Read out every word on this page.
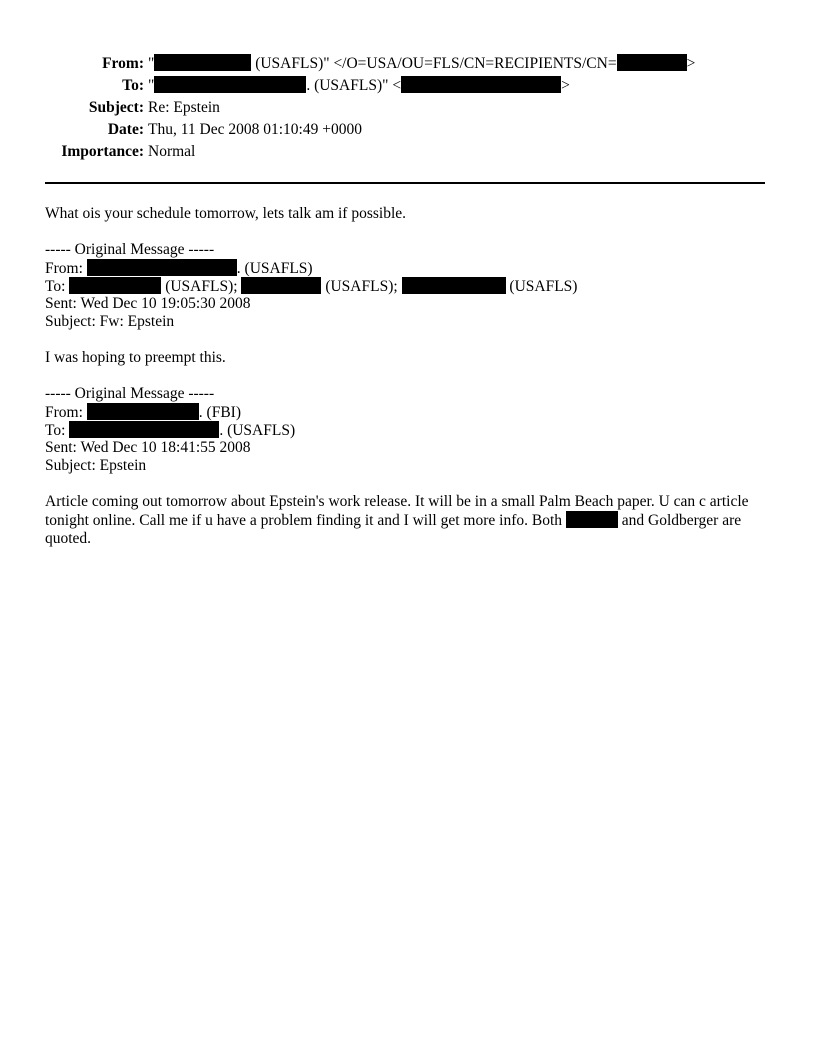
From: "	(USAFLS)" </O=USA/OU=FLS/CN=RECIPIENTS/CN=	>
To: "	. (USAFLS)" <	>
Subject: Re: Epstein
Date: Thu, 11 Dec 2008 01:10:49 +0000
Importance: Normal
What ois your schedule tomorrow, lets talk am if possible.
----- Original Message -----
From:	. (USAFLS)
To:	(USAFLS);	(USAFLS);	(USAFLS)
Sent: Wed Dec 10 19:05:30 2008
Subject: Fw: Epstein
I was hoping to preempt this.
----- Original Message -----
From:	. (FBI)
To:	. (USAFLS)
Sent: Wed Dec 10 18:41:55 2008
Subject: Epstein
Article coming out tomorrow about Epstein's work release. It will be in a small Palm Beach paper. U can c article tonight online. Call me if u have a problem finding it and I will get more info. Both	and Goldberger are quoted.
